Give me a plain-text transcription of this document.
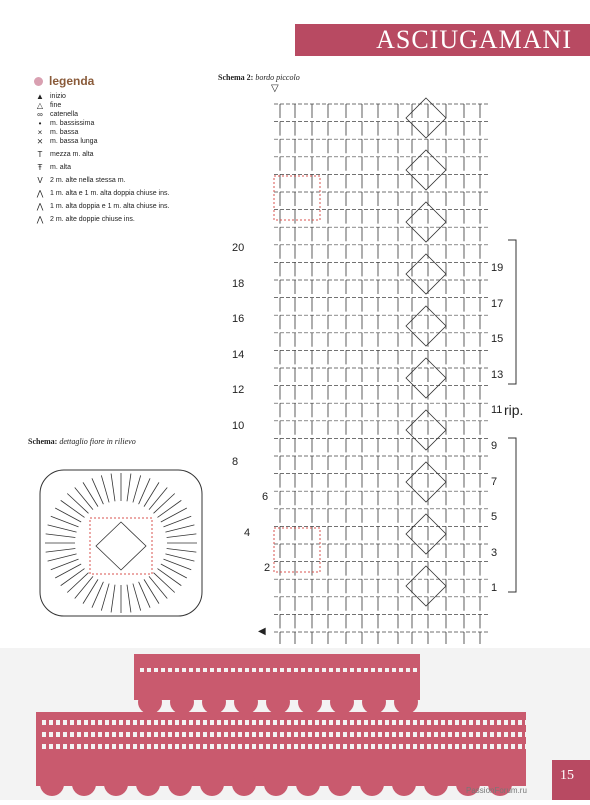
ASCIUGAMANI
legenda
▲ inizio
△ fine
∞	catenella
•	m. bassissima
×	m. bassa
⨯ m. bassa lunga
T	mezza m. alta
Ŧ	m. alta
V	2 m. alte nella stessa m.
⋀ 1 m. alta e 1 m. alta doppia chiuse ins.
⋀ 1 m. alta doppia e 1 m. alta chiuse ins.
⋀ 2 m. alte doppie chiuse ins.
Schema 2: bordo piccolo
Schema: dettaglio fiore in rilievo
20
18
16
14
12
10
8
6
4
2
19
17
15
13
11
9
7
5
3
1
rip.
▽
◀
15
PassionForum.ru
